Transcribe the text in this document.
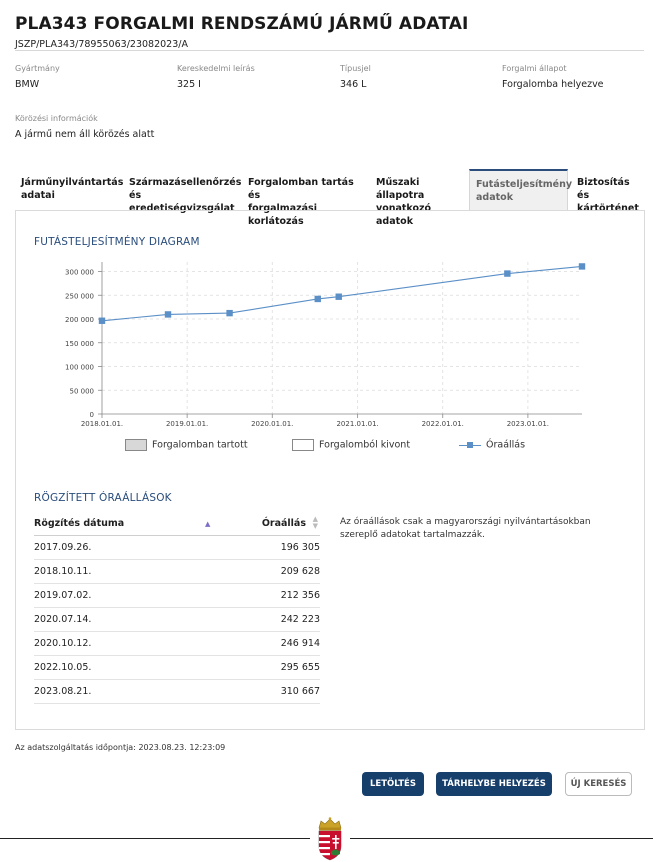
PLA343 FORGALMI RENDSZÁMÚ JÁRMŰ ADATAI
JSZP/PLA343/78955063/23082023/A
Gyártmány
BMW
Kereskedelmi leírás
325 I
Típusjel
346 L
Forgalmi állapot
Forgalomba helyezve
Körözési információk
A jármű nem áll körözés alatt
Járműnyilvántartás
adatai
Származásellenőrzés
és eredetiségvizsgálat
Forgalomban tartás és
forgalmazási korlátozás
Műszaki állapotra
vonatkozó adatok
Futásteljesítmény
adatok
Biztosítás és
kártörténet
FUTÁSTELJESÍTMÉNY DIAGRAM
0
50 000
100 000
150 000
200 000
250 000
300 000
2018.01.01.	2019.01.01.	2020.01.01.	2021.01.01.	2022.01.01.	2023.01.01.
Forgalomban tartott	Forgalomból kivont	Óraállás
RÖGZÍTETT ÓRAÁLLÁSOK
Rögzítés dátuma	▲	Óraállás ▲
▼
2017.09.26.	196 305
2018.10.11.	209 628
2019.07.02.	212 356
2020.07.14.	242 223
2020.10.12.	246 914
2022.10.05.	295 655
2023.08.21.	310 667
Az óraállások csak a magyarországi nyilvántartásokban szereplő adatokat tartalmazzák.
Az adatszolgáltatás időpontja: 2023.08.23. 12:23:09
LETÖLTÉS	TÁRHELYBE HELYEZÉS	ÚJ KERESÉS
